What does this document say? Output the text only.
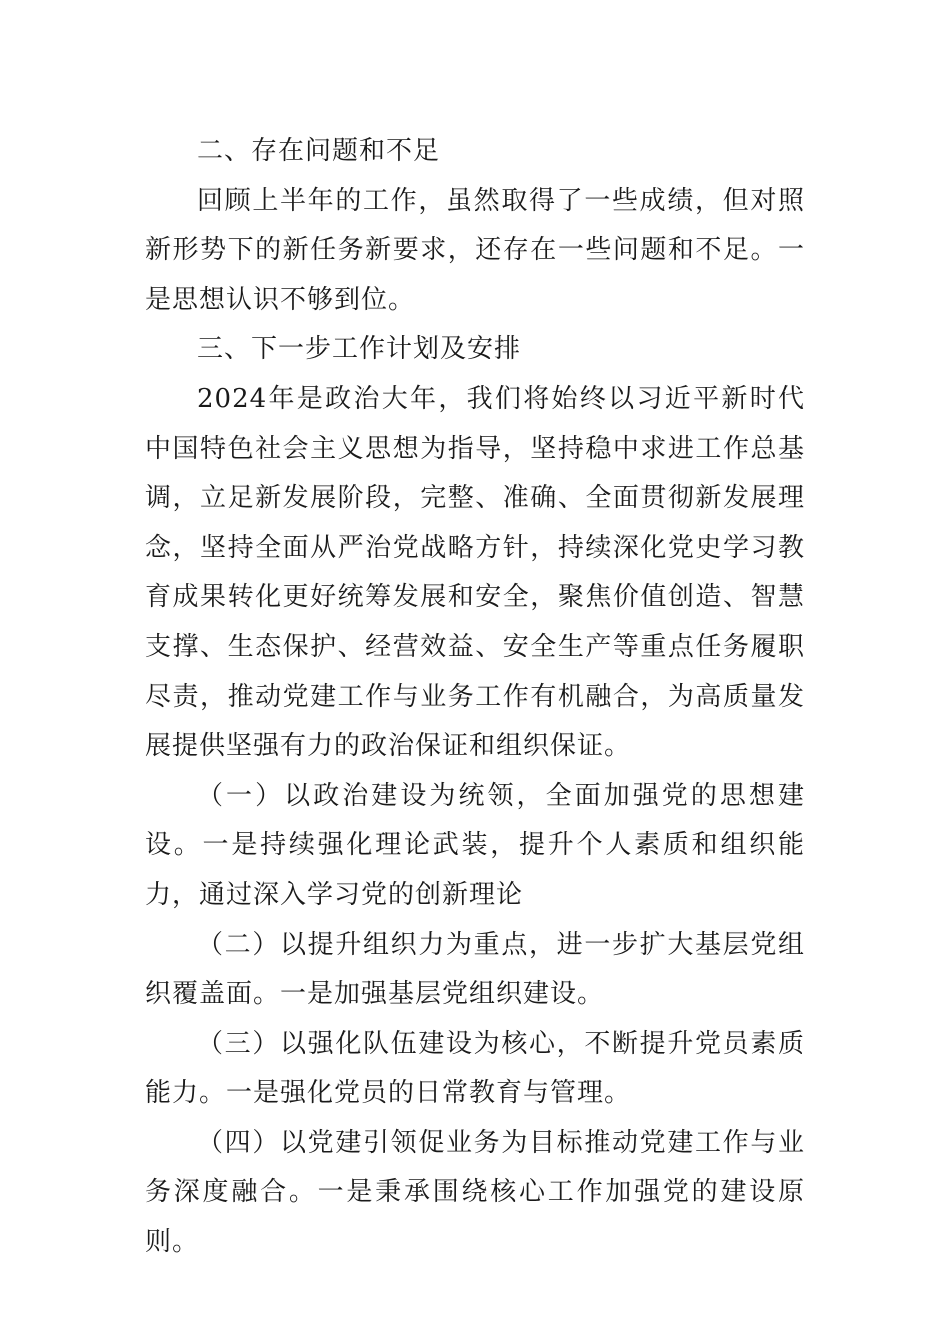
二、存在问题和不足

回顾上半年的工作，虽然取得了一些成绩，但对照新形势下的新任务新要求，还存在一些问题和不足。一是思想认识不够到位。

三、下一步工作计划及安排

2024年是政治大年，我们将始终以习近平新时代中国特色社会主义思想为指导，坚持稳中求进工作总基调，立足新发展阶段，完整、准确、全面贯彻新发展理念，坚持全面从严治党战略方针，持续深化党史学习教育成果转化更好统筹发展和安全，聚焦价值创造、智慧支撑、生态保护、经营效益、安全生产等重点任务履职尽责，推动党建工作与业务工作有机融合，为高质量发展提供坚强有力的政治保证和组织保证。

（一）以政治建设为统领，全面加强党的思想建设。一是持续强化理论武装，提升个人素质和组织能力，通过深入学习党的创新理论

（二）以提升组织力为重点，进一步扩大基层党组织覆盖面。一是加强基层党组织建设。

（三）以强化队伍建设为核心，不断提升党员素质能力。一是强化党员的日常教育与管理。

（四）以党建引领促业务为目标推动党建工作与业务深度融合。一是秉承围绕核心工作加强党的建设原则。
